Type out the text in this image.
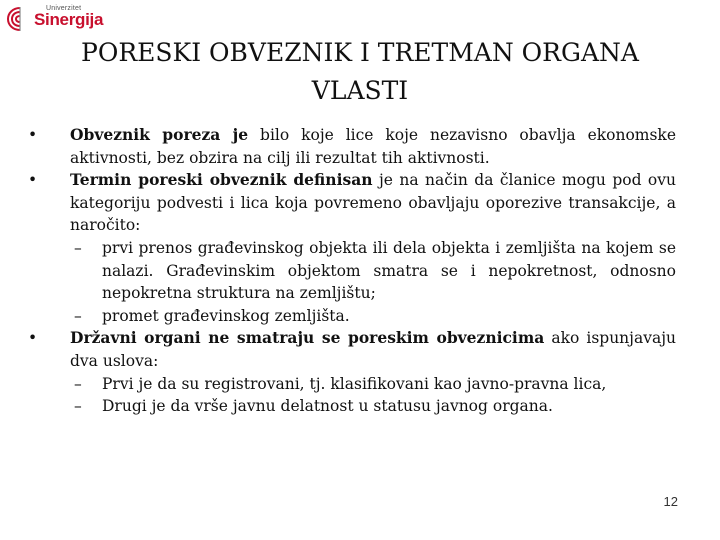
Univerzitet
Sinergija
PORESKI OBVEZNIK I TRETMAN ORGANA
VLASTI
• Obveznik poreza je bilo koje lice koje nezavisno obavlja ekonomske aktivnosti, bez obzira na cilj ili rezultat tih aktivnosti.
• Termin poreski obveznik definisan je na način da članice mogu pod ovu kategoriju podvesti i lica koja povremeno obavljaju oporezive transakcije, a naročito:
– prvi prenos građevinskog objekta ili dela objekta i zemljišta na kojem se nalazi. Građevinskim objektom smatra se i nepokretnost, odnosno nepokretna struktura na zemljištu;
– promet građevinskog zemljišta.
• Državni organi ne smatraju se poreskim obveznicima ako ispunjavaju dva uslova:
– Prvi je da su registrovani, tj. klasifikovani kao javno-pravna lica,
– Drugi je da vrše javnu delatnost u statusu javnog organa.
12
